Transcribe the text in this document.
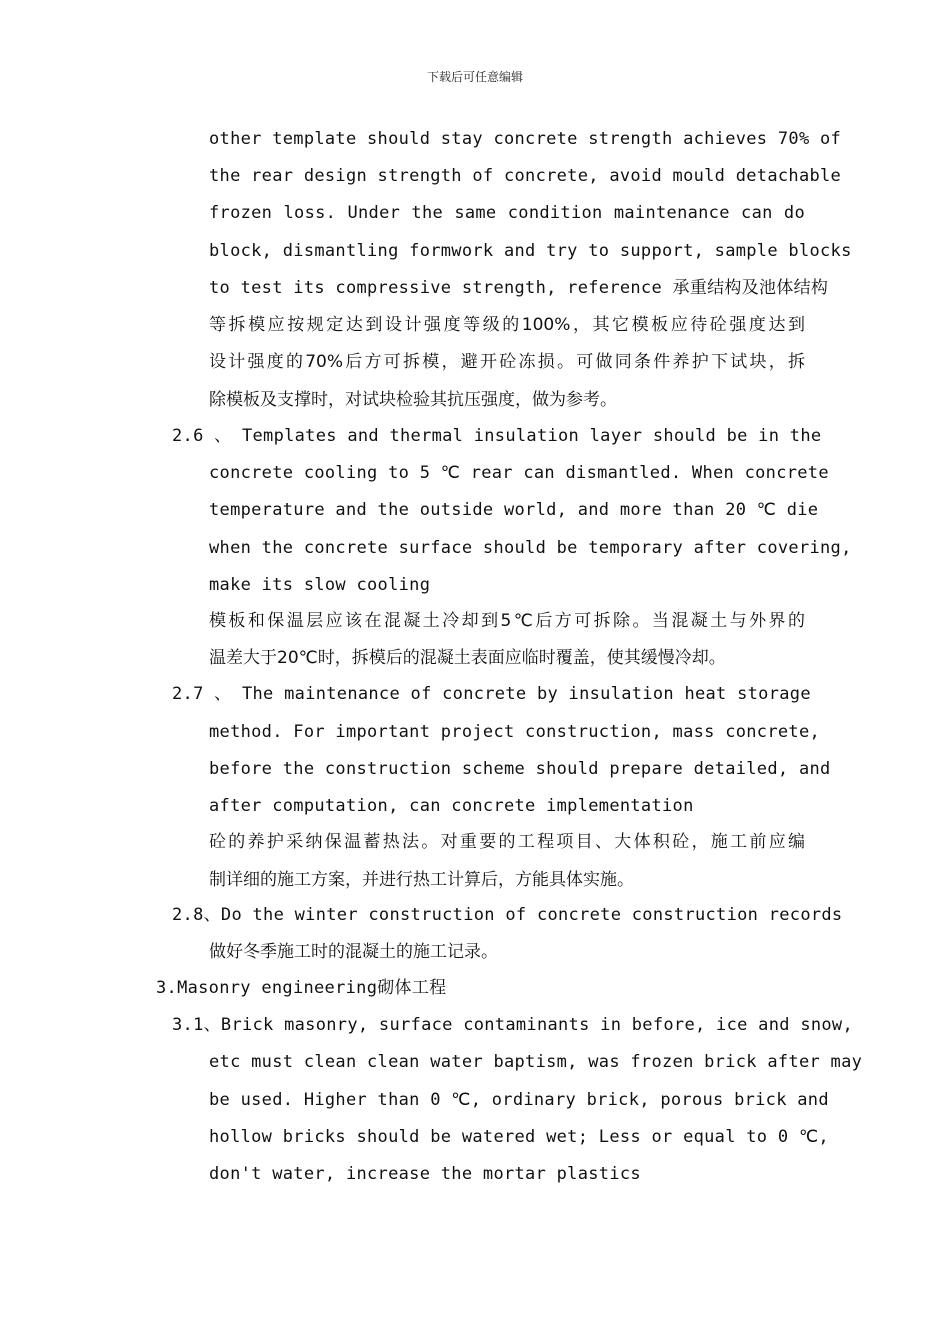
下载后可任意编辑
other template should stay concrete strength achieves 70% of
the rear design strength of concrete, avoid mould detachable
frozen loss. Under the same condition maintenance can do
block, dismantling formwork and try to support, sample blocks
to test its compressive strength, reference 承重结构及池体结构
等拆模应按规定达到设计强度等级的100%，其它模板应待砼强度达到
设计强度的70%后方可拆模，避开砼冻损。可做同条件养护下试块，拆
除模板及支撑时，对试块检验其抗压强度，做为参考。
2.6 、 Templates and thermal insulation layer should be in the
concrete cooling to 5 ℃ rear can dismantled. When concrete
temperature and the outside world, and more than 20 ℃ die
when the concrete surface should be temporary after covering,
make its slow cooling
模板和保温层应该在混凝土冷却到5℃后方可拆除。当混凝土与外界的
温差大于20℃时，拆模后的混凝土表面应临时覆盖，使其缓慢冷却。
2.7 、 The maintenance of concrete by insulation heat storage
method. For important project construction, mass concrete,
before the construction scheme should prepare detailed, and
after computation, can concrete implementation
砼的养护采纳保温蓄热法。对重要的工程项目、大体积砼，施工前应编
制详细的施工方案，并进行热工计算后，方能具体实施。
2.8、Do the winter construction of concrete construction records
做好冬季施工时的混凝土的施工记录。
3.Masonry engineering砌体工程
3.1、Brick masonry, surface contaminants in before, ice and snow,
etc must clean clean water baptism, was frozen brick after may
be used. Higher than 0 ℃, ordinary brick, porous brick and
hollow bricks should be watered wet; Less or equal to 0 ℃,
don't water, increase the mortar plastics
